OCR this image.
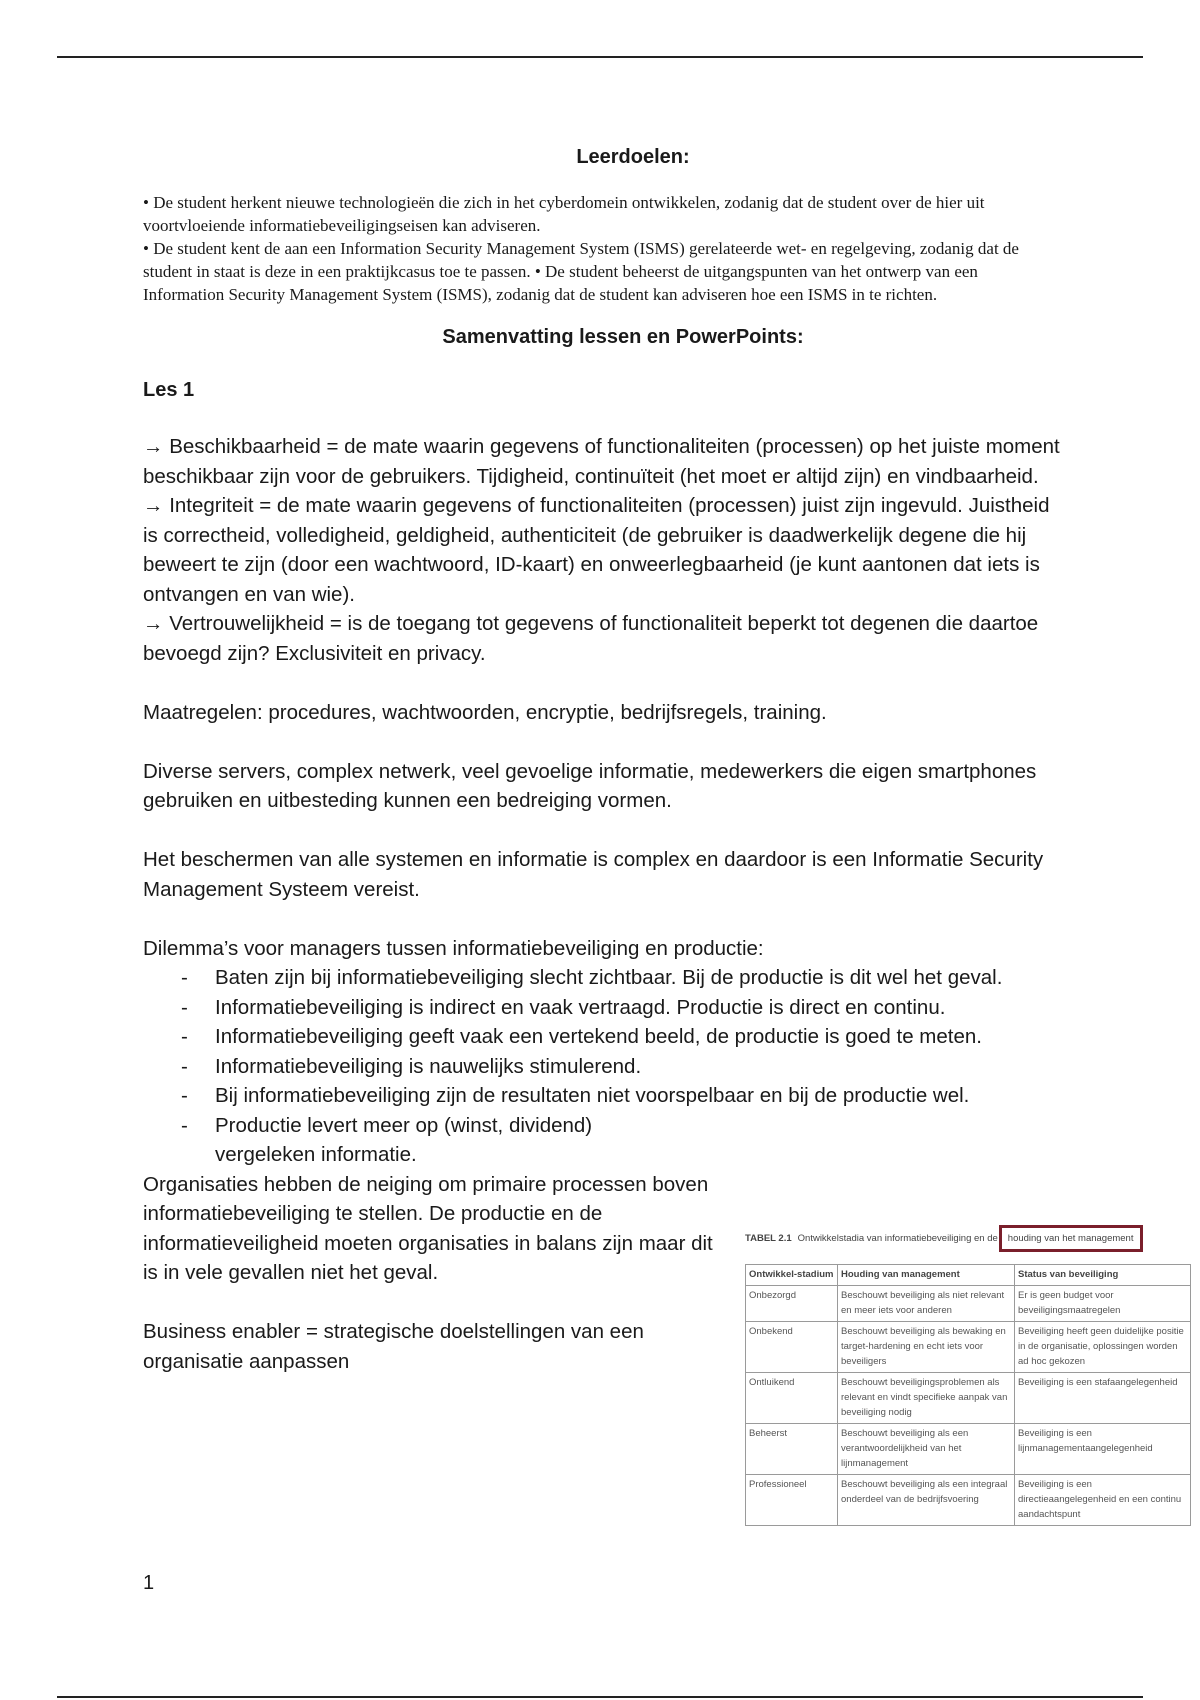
Leerdoelen:

• De student herkent nieuwe technologieën die zich in het cyberdomein ontwikkelen, zodanig dat de student over de hier uit voortvloeiende informatiebeveiligingseisen kan adviseren.

• De student kent de aan een Information Security Management System (ISMS) gerelateerde wet- en regelgeving, zodanig dat de student in staat is deze in een praktijkcasus toe te passen. • De student beheerst de uitgangspunten van het ontwerp van een Information Security Management System (ISMS), zodanig dat de student kan adviseren hoe een ISMS in te richten.

Samenvatting lessen en PowerPoints:
Les 1

→ Beschikbaarheid = de mate waarin gegevens of functionaliteiten (processen) op het juiste moment beschikbaar zijn voor de gebruikers. Tijdigheid, continuïteit (het moet er altijd zijn) en vindbaarheid.

→ Integriteit = de mate waarin gegevens of functionaliteiten (processen) juist zijn ingevuld. Juistheid is correctheid, volledigheid, geldigheid, authenticiteit (de gebruiker is daadwerkelijk degene die hij beweert te zijn (door een wachtwoord, ID-kaart) en onweerlegbaarheid (je kunt aantonen dat iets is ontvangen en van wie).

→ Vertrouwelijkheid = is de toegang tot gegevens of functionaliteit beperkt tot degenen die daartoe bevoegd zijn? Exclusiviteit en privacy.

Maatregelen: procedures, wachtwoorden, encryptie, bedrijfsregels, training.

Diverse servers, complex netwerk, veel gevoelige informatie, medewerkers die eigen smartphones gebruiken en uitbesteding kunnen een bedreiging vormen.

Het beschermen van alle systemen en informatie is complex en daardoor is een Informatie Security Management Systeem vereist.

Dilemma’s voor managers tussen informatiebeveiliging en productie:

- Baten zijn bij informatiebeveiliging slecht zichtbaar. Bij de productie is dit wel het geval.
- Informatiebeveiliging is indirect en vaak vertraagd. Productie is direct en continu.
- Informatiebeveiliging geeft vaak een vertekend beeld, de productie is goed te meten.
- Informatiebeveiliging is nauwelijks stimulerend.
- Bij informatiebeveiliging zijn de resultaten niet voorspelbaar en bij de productie wel.
- Productie levert meer op (winst, dividend) vergeleken informatie.

Organisaties hebben de neiging om primaire processen boven informatiebeveiliging te stellen. De productie en de informatieveiligheid moeten organisaties in balans zijn maar dit is in vele gevallen niet het geval.

Business enabler = strategische doelstellingen van een organisatie aanpassen

TABEL 2.1 Ontwikkelstadia van informatiebeveiliging en de	houding van het management
Ontwikkel-stadium	Houding van management	Status van beveiliging
Onbezorgd	Beschouwt beveiliging als niet relevant en meer iets voor anderen	Er is geen budget voor beveiligingsmaatregelen
Onbekend	Beschouwt beveiliging als bewaking en target-hardening en echt iets voor beveiligers	Beveiliging heeft geen duidelijke positie in de organisatie, oplossingen worden ad hoc gekozen
Ontluikend	Beschouwt beveiligingsproblemen als relevant en vindt specifieke aanpak van beveiliging nodig	Beveiliging is een stafaangelegenheid
Beheerst	Beschouwt beveiliging als een verantwoordelijkheid van het lijnmanagement	Beveiliging is een lijnmanagementaangelegenheid
Professioneel	Beschouwt beveiliging als een integraal onderdeel van de bedrijfsvoering	Beveiliging is een directieaangelegenheid en een continu aandachtspunt
1
